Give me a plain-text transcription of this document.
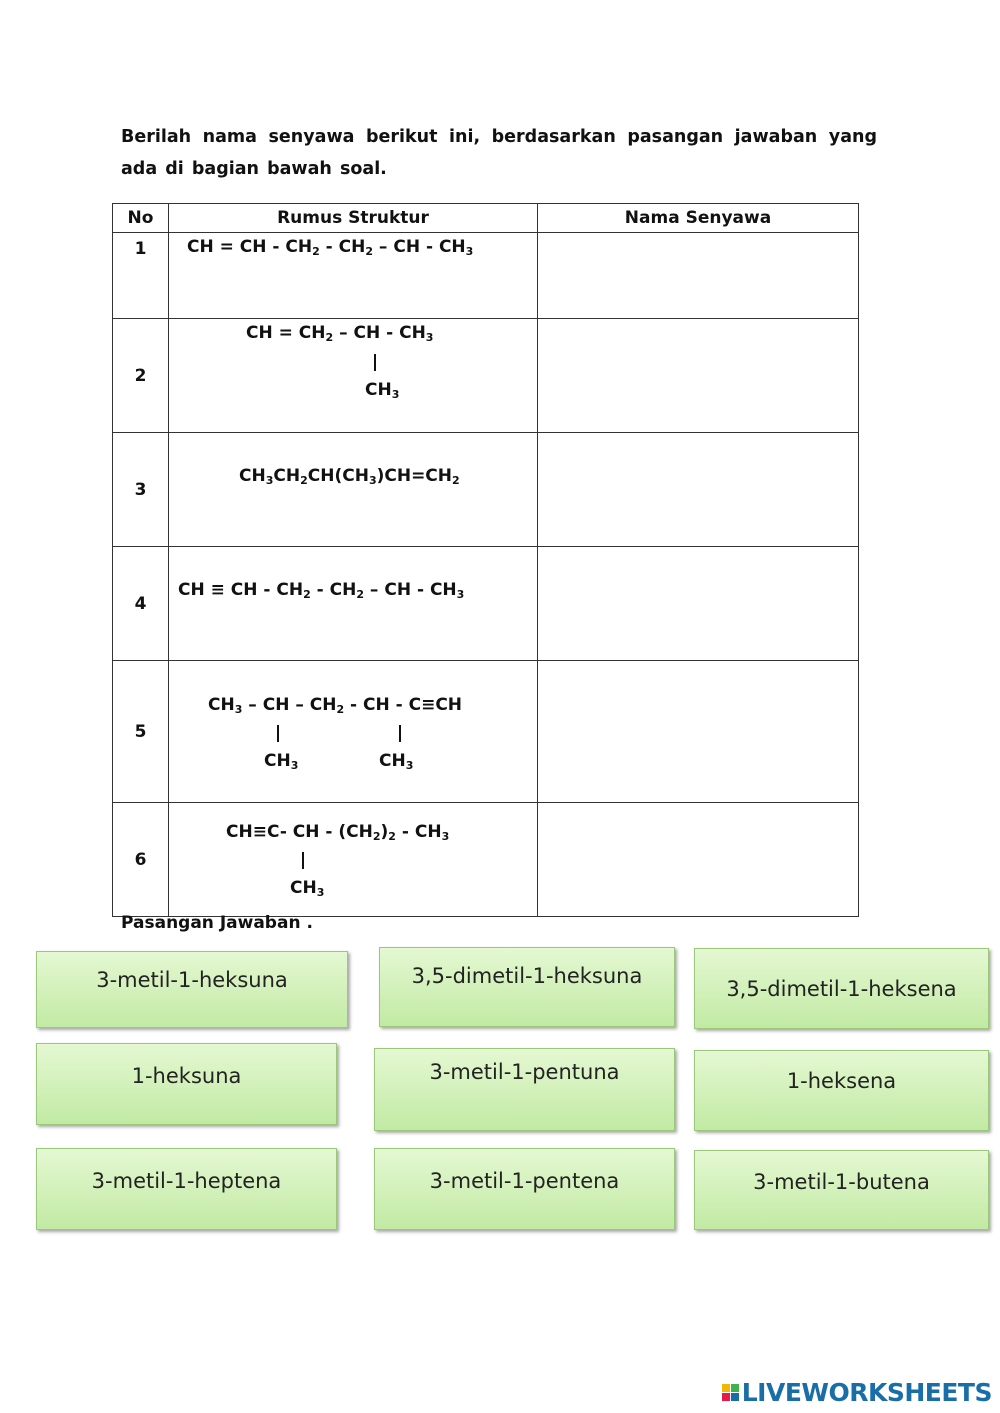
Berilah nama senyawa berikut ini, berdasarkan pasangan jawaban yang ada di bagian bawah soal.
No	Rumus Struktur	Nama Senyawa
1	CH = CH - $CH_2 - CH_2$ – CH - $CH_3$

2	CH = $CH_2$ – CH - $CH_3$
$CH_3$

3	$CH_3CH_2CH(CH_3)CH=CH_2$

4	CH ≡ CH - $CH_2 - CH_2$ – CH - $CH_3$

5	$CH_3$ – CH – $CH_2$ - CH - C≡CH
$CH_3$ $CH_3$

6	CH≡C- CH - $(CH_2)_2 - CH_3$
$CH_3$

Pasangan Jawaban .
3-metil-1-heksuna	3,5-dimetil-1-heksuna
3,5-dimetil-1-heksena
1-heksuna	3-metil-1-pentuna	1-heksena
3-metil-1-heptena	3-metil-1-pentena	3-metil-1-butena
LIVEWORKSHEETS
